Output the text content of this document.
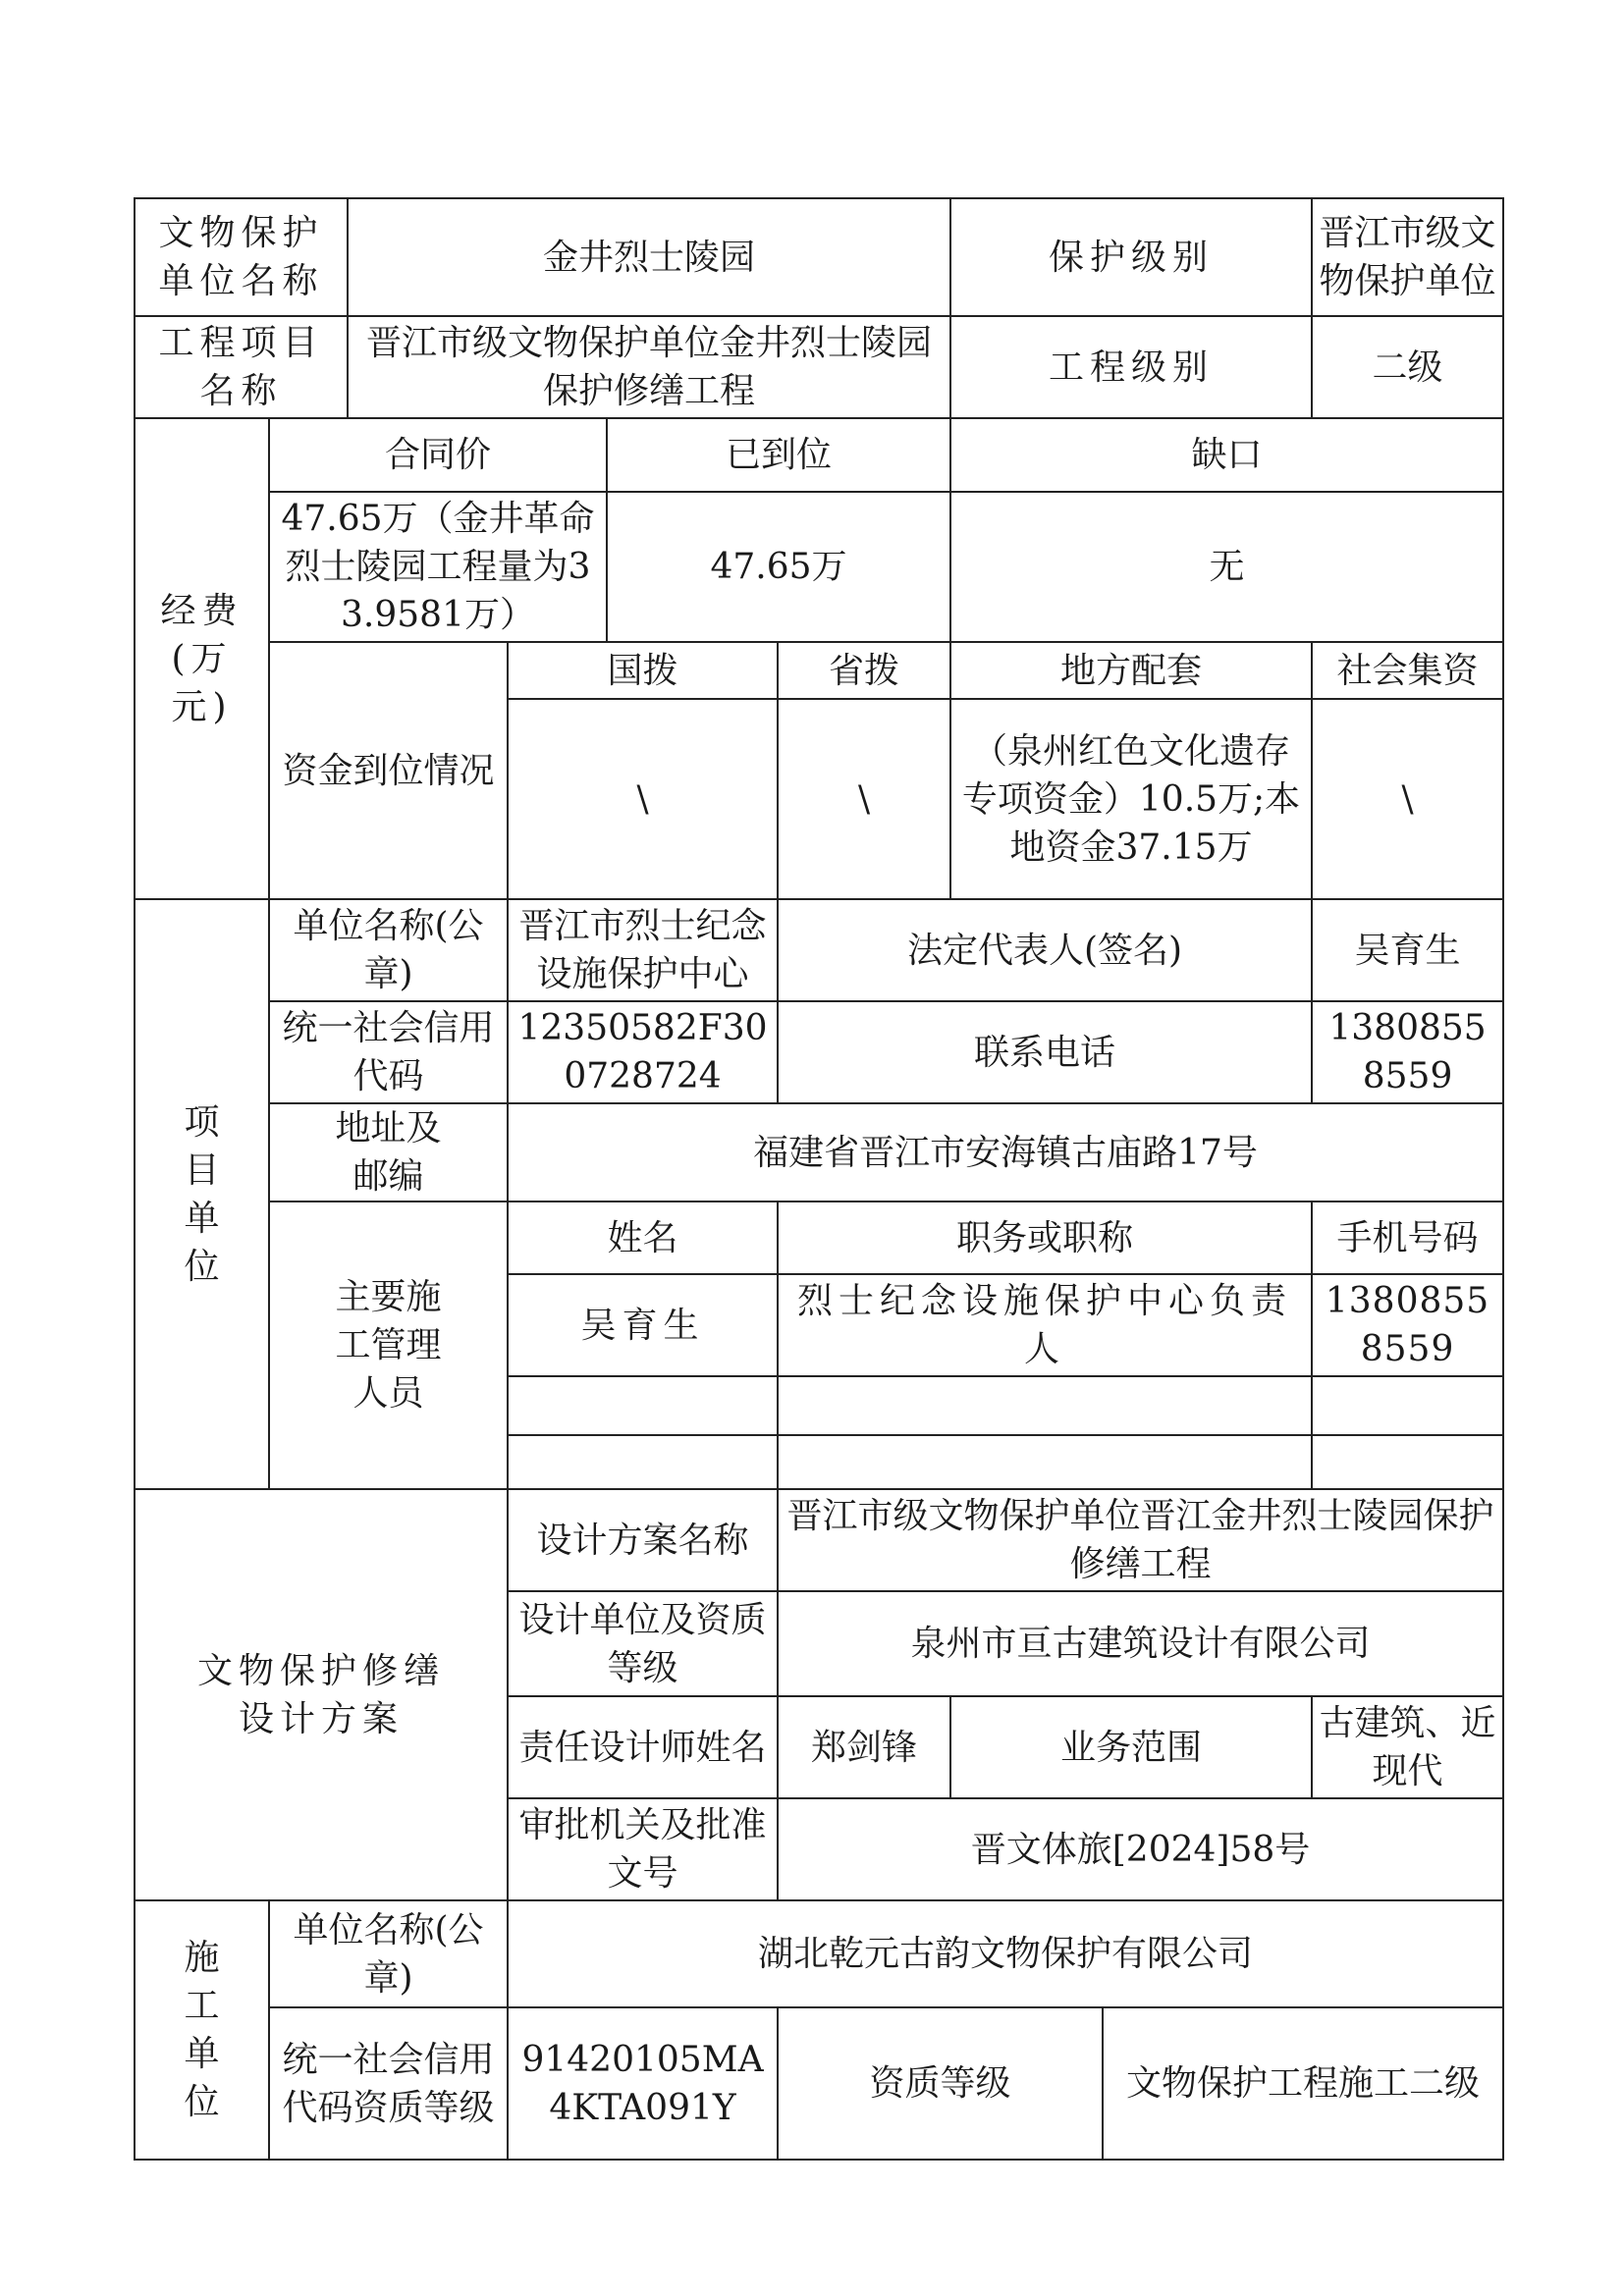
文物保护单位名称		金井烈士陵园				保护级别		晋江市级文物保护单位
工程项目名称		晋江市级文物保护单位金井烈士陵园保护修缮工程				工程级别		二级
经费(万元)	合同价			已到位		缺口		
	47.65万（金井革命烈士陵园工程量为33.9581万）			47.65万		无		
	资金到位情况		国拨		省拨	地方配套		社会集资
			\		\	（泉州红色文化遗存专项资金）10.5万;本地资金37.15万		\

项目单位	单位名称(公章)		晋江市烈士纪念设施保护中心		法定代表人(签名)			吴育生
	统一社会信用代码		12350582F300728724		联系电话			13808558559
	地址及邮编		福建省晋江市安海镇古庙路17号					
	主要施工管理人员		姓名		职务或职称			手机号码
			吴育生		烈士纪念设施保护中心负责人			13808558559

文物保护修缮设计方案			设计方案名称		晋江市级文物保护单位晋江金井烈士陵园保护修缮工程			
			设计单位及资质等级		泉州市亘古建筑设计有限公司			
			责任设计师姓名		郑剑锋	业务范围		古建筑、近现代
			审批机关及批准文号		晋文体旅[2024]58号			
施工单位	单位名称(公章)		湖北乾元古韵文物保护有限公司					
	统一社会信用代码资质等级		91420105MA4KTA091Y		资质等级		文物保护工程施工二级	
